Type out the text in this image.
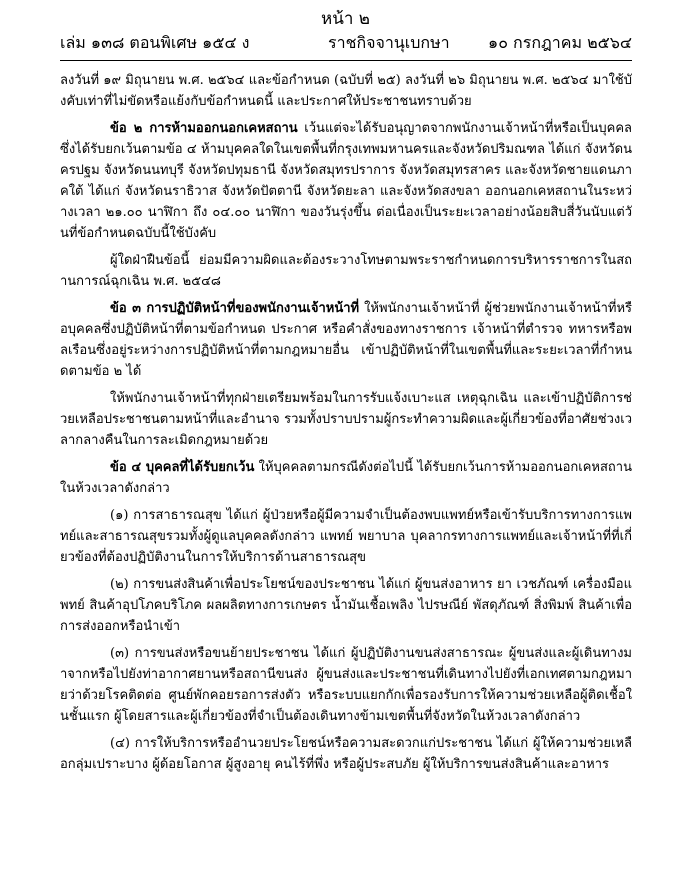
หน้า ๒
เล่ม ๑๓๘ ตอนพิเศษ ๑๕๔ ง	ราชกิจจานุเบกษา ๑๐ กรกฎาคม ๒๕๖๔

ลงวันที่ ๑๙ มิถุนายน พ.ศ. ๒๕๖๔ และข้อกำหนด (ฉบับที่ ๒๕) ลงวันที่ ๒๖ มิถุนายน พ.ศ. ๒๕๖๔ มาใช้บังคับเท่าที่ไม่ขัดหรือแย้งกับข้อกำหนดนี้ และประกาศให้ประชาชนทราบด้วย

ข้อ ๒ การห้ามออกนอกเคหสถาน เว้นแต่จะได้รับอนุญาตจากพนักงานเจ้าหน้าที่หรือเป็นบุคคลซึ่งได้รับยกเว้นตามข้อ ๔ ห้ามบุคคลใดในเขตพื้นที่กรุงเทพมหานครและจังหวัดปริมณฑล ได้แก่ จังหวัดนครปฐม จังหวัดนนทบุรี จังหวัดปทุมธานี จังหวัดสมุทรปราการ จังหวัดสมุทรสาคร และจังหวัดชายแดนภาคใต้ ได้แก่ จังหวัดนราธิวาส จังหวัดปัตตานี จังหวัดยะลา และจังหวัดสงขลา ออกนอกเคหสถานในระหว่างเวลา ๒๑.๐๐ นาฬิกา ถึง ๐๔.๐๐ นาฬิกา ของวันรุ่งขึ้น ต่อเนื่องเป็นระยะเวลาอย่างน้อยสิบสี่วันนับแต่วันที่ข้อกำหนดฉบับนี้ใช้บังคับ

ผู้ใดฝ่าฝืนข้อนี้ ย่อมมีความผิดและต้องระวางโทษตามพระราชกำหนดการบริหารราชการในสถานการณ์ฉุกเฉิน พ.ศ. ๒๕๔๘

ข้อ ๓ การปฏิบัติหน้าที่ของพนักงานเจ้าหน้าที่ ให้พนักงานเจ้าหน้าที่ ผู้ช่วยพนักงานเจ้าหน้าที่หรือบุคคลซึ่งปฏิบัติหน้าที่ตามข้อกำหนด ประกาศ หรือคำสั่งของทางราชการ เจ้าหน้าที่ตำรวจ ทหารหรือพลเรือนซึ่งอยู่ระหว่างการปฏิบัติหน้าที่ตามกฎหมายอื่น เข้าปฏิบัติหน้าที่ในเขตพื้นที่และระยะเวลาที่กำหนดตามข้อ ๒ ได้

ให้พนักงานเจ้าหน้าที่ทุกฝ่ายเตรียมพร้อมในการรับแจ้งเบาะแส เหตุฉุกเฉิน และเข้าปฏิบัติการช่วยเหลือประชาชนตามหน้าที่และอำนาจ รวมทั้งปราบปรามผู้กระทำความผิดและผู้เกี่ยวข้องที่อาศัยช่วงเวลากลางคืนในการละเมิดกฎหมายด้วย

ข้อ ๔ บุคคลที่ได้รับยกเว้น ให้บุคคลตามกรณีดังต่อไปนี้ ได้รับยกเว้นการห้ามออกนอกเคหสถานในห้วงเวลาดังกล่าว

(๑) การสาธารณสุข ได้แก่ ผู้ป่วยหรือผู้มีความจำเป็นต้องพบแพทย์หรือเข้ารับบริการทางการแพทย์และสาธารณสุขรวมทั้งผู้ดูแลบุคคลดังกล่าว แพทย์ พยาบาล บุคลากรทางการแพทย์และเจ้าหน้าที่ที่เกี่ยวข้องที่ต้องปฏิบัติงานในการให้บริการด้านสาธารณสุข

(๒) การขนส่งสินค้าเพื่อประโยชน์ของประชาชน ได้แก่ ผู้ขนส่งอาหาร ยา เวชภัณฑ์ เครื่องมือแพทย์ สินค้าอุปโภคบริโภค ผลผลิตทางการเกษตร น้ำมันเชื้อเพลิง ไปรษณีย์ พัสดุภัณฑ์ สิ่งพิมพ์ สินค้าเพื่อการส่งออกหรือนำเข้า

(๓) การขนส่งหรือขนย้ายประชาชน ได้แก่ ผู้ปฏิบัติงานขนส่งสาธารณะ ผู้ขนส่งและผู้เดินทางมาจากหรือไปยังท่าอากาศยานหรือสถานีขนส่ง ผู้ขนส่งและประชาชนที่เดินทางไปยังที่เอกเทศตามกฎหมายว่าด้วยโรคติดต่อ ศูนย์พักคอยรอการส่งตัว หรือระบบแยกกักเพื่อรองรับการให้ความช่วยเหลือผู้ติดเชื้อในชั้นแรก ผู้โดยสารและผู้เกี่ยวข้องที่จำเป็นต้องเดินทางข้ามเขตพื้นที่จังหวัดในห้วงเวลาดังกล่าว

(๔) การให้บริการหรืออำนวยประโยชน์หรือความสะดวกแก่ประชาชน ได้แก่ ผู้ให้ความช่วยเหลือกลุ่มเปราะบาง ผู้ด้อยโอกาส ผู้สูงอายุ คนไร้ที่พึ่ง หรือผู้ประสบภัย ผู้ให้บริการขนส่งสินค้าและอาหาร
